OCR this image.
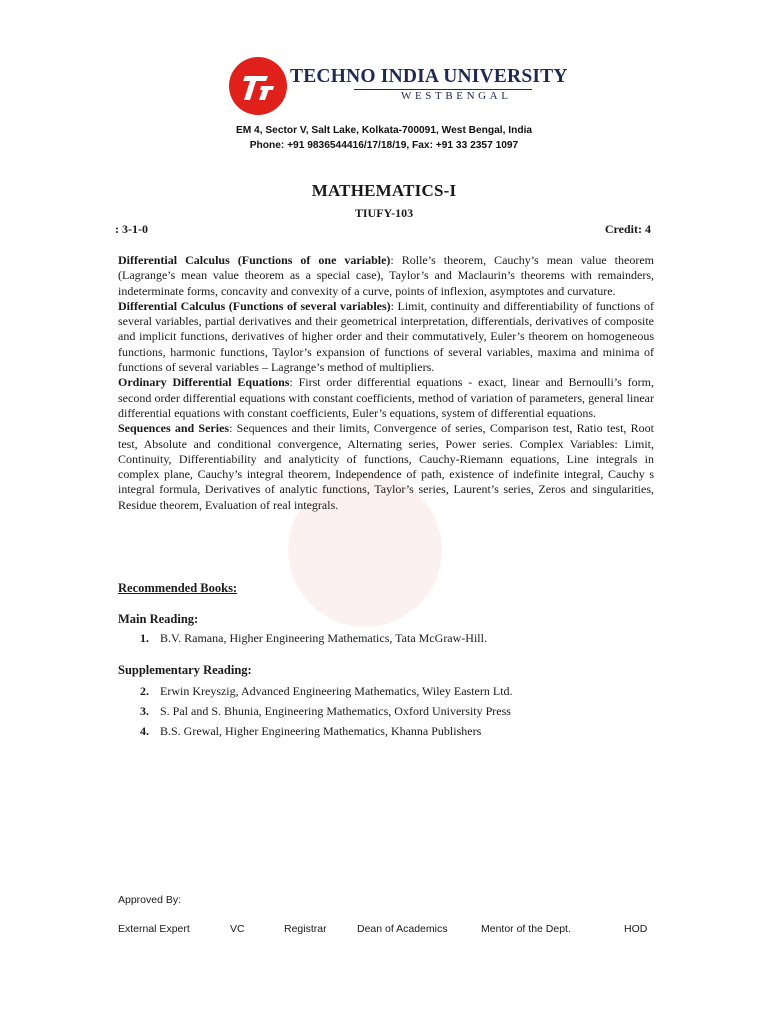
TECHNO INDIA UNIVERSITY
WESTBENGAL
EM 4, Sector V, Salt Lake, Kolkata-700091, West Bengal, India
Phone: +91 9836544416/17/18/19, Fax: +91 33 2357 1097
MATHEMATICS-I
TIUFY-103
: 3-1-0	Credit: 4

Differential Calculus (Functions of one variable): Rolle’s theorem, Cauchy’s mean value theorem (Lagrange’s mean value theorem as a special case), Taylor’s and Maclaurin’s theorems with remainders, indeterminate forms, concavity and convexity of a curve, points of inflexion, asymptotes and curvature.

Differential Calculus (Functions of several variables): Limit, continuity and differentiability of functions of several variables, partial derivatives and their geometrical interpretation, differentials, derivatives of composite and implicit functions, derivatives of higher order and their commutatively, Euler’s theorem on homogeneous functions, harmonic functions, Taylor’s expansion of functions of several variables, maxima and minima of functions of several variables – Lagrange’s method of multipliers.

Ordinary Differential Equations: First order differential equations - exact, linear and Bernoulli’s form, second order differential equations with constant coefficients, method of variation of parameters, general linear differential equations with constant coefficients, Euler’s equations, system of differential equations.

Sequences and Series: Sequences and their limits, Convergence of series, Comparison test, Ratio test, Root test, Absolute and conditional convergence, Alternating series, Power series. Complex Variables: Limit, Continuity, Differentiability and analyticity of functions, Cauchy-Riemann equations, Line integrals in complex plane, Cauchy’s integral theorem, Independence of path, existence of indefinite integral, Cauchy s integral formula, Derivatives of analytic functions, Taylor’s series, Laurent’s series, Zeros and singularities, Residue theorem, Evaluation of real integrals.

Recommended Books:
Main Reading:
1. B.V. Ramana, Higher Engineering Mathematics, Tata McGraw-Hill.
Supplementary Reading:
2. Erwin Kreyszig, Advanced Engineering Mathematics, Wiley Eastern Ltd.
3. S. Pal and S. Bhunia, Engineering Mathematics, Oxford University Press
4. B.S. Grewal, Higher Engineering Mathematics, Khanna Publishers
Approved By:
External Expert	VC	Registrar	Dean of Academics	Mentor of the Dept.	HOD
